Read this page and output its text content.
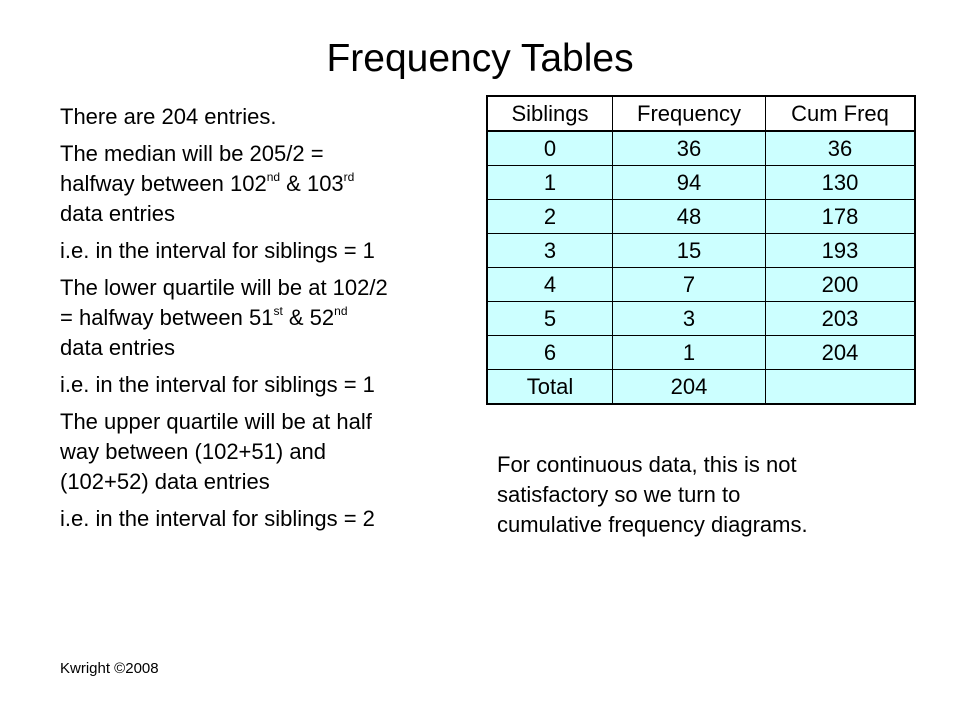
Frequency Tables

There are 204 entries.

The median will be 205/2 =
halfway between 102nd & 103rd
data entries

i.e. in the interval for siblings = 1

The lower quartile will be at 102/2
= halfway between 51st & 52nd
data entries

i.e. in the interval for siblings = 1

The upper quartile will be at half
way between (102+51) and
(102+52) data entries

i.e. in the interval for siblings = 2

Siblings	Frequency	Cum Freq
0	36	36
1	94	130
2	48	178
3	15	193
4	7	200
5	3	203
6	1	204
Total	204	
For continuous data, this is not
satisfactory so we turn to
cumulative frequency diagrams.
Kwright ©2008
